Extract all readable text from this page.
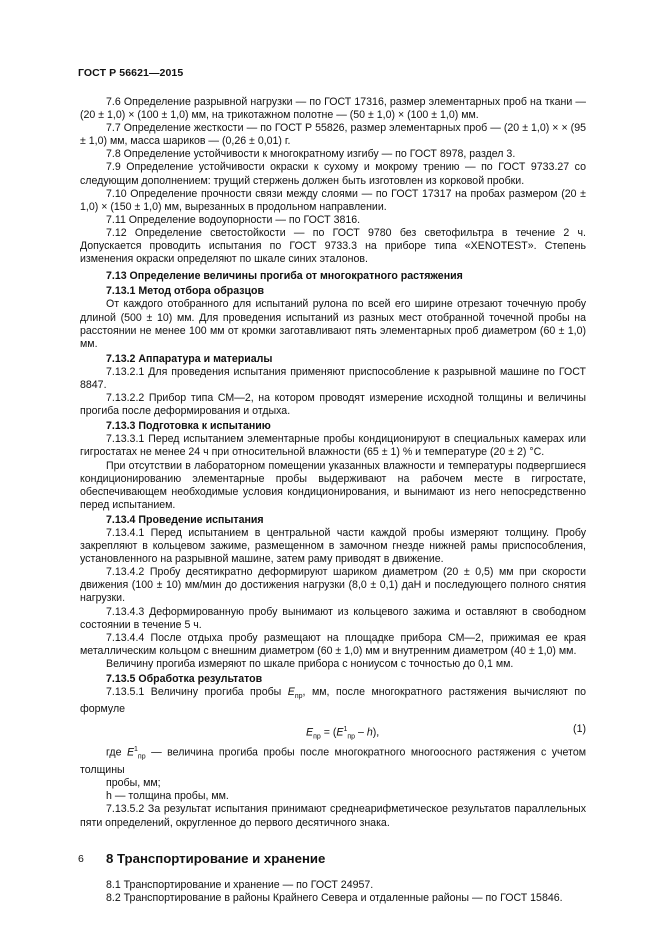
ГОСТ Р 56621—2015

7.6 Определение разрывной нагрузки — по ГОСТ 17316, размер элементарных проб на ткани — (20 ± 1,0) × (100 ± 1,0) мм, на трикотажном полотне — (50 ± 1,0) × (100 ± 1,0) мм.

7.7 Определение жесткости — по ГОСТ Р 55826, размер элементарных проб — (20 ± 1,0) × × (95 ± 1,0) мм, масса шариков — (0,26 ± 0,01) г.

7.8 Определение устойчивости к многократному изгибу — по ГОСТ 8978, раздел 3.

7.9 Определение устойчивости окраски к сухому и мокрому трению — по ГОСТ 9733.27 со следующим дополнением: трущий стержень должен быть изготовлен из корковой пробки.

7.10 Определение прочности связи между слоями — по ГОСТ 17317 на пробах размером (20 ± 1,0) × (150 ± 1,0) мм, вырезанных в продольном направлении.

7.11 Определение водоупорности — по ГОСТ 3816.

7.12 Определение светостойкости — по ГОСТ 9780 без светофильтра в течение 2 ч. Допускается проводить испытания по ГОСТ 9733.3 на приборе типа «XENOTEST». Степень изменения окраски определяют по шкале синих эталонов.

7.13 Определение величины прогиба от многократного растяжения

7.13.1 Метод отбора образцов

От каждого отобранного для испытаний рулона по всей его ширине отрезают точечную пробу длиной (500 ± 10) мм. Для проведения испытаний из разных мест отобранной точечной пробы на расстоянии не менее 100 мм от кромки заготавливают пять элементарных проб диаметром (60 ± 1,0) мм.

7.13.2 Аппаратура и материалы

7.13.2.1 Для проведения испытания применяют приспособление к разрывной машине по ГОСТ 8847.

7.13.2.2 Прибор типа СМ—2, на котором проводят измерение исходной толщины и величины прогиба после деформирования и отдыха.

7.13.3 Подготовка к испытанию

7.13.3.1 Перед испытанием элементарные пробы кондиционируют в специальных камерах или гигростатах не менее 24 ч при относительной влажности (65 ± 1) % и температуре (20 ± 2) °С.

При отсутствии в лабораторном помещении указанных влажности и температуры подвергшиеся кондиционированию элементарные пробы выдерживают на рабочем месте в гигростате, обеспечивающем необходимые условия кондиционирования, и вынимают из него непосредственно перед испытанием.

7.13.4 Проведение испытания

7.13.4.1 Перед испытанием в центральной части каждой пробы измеряют толщину. Пробу закрепляют в кольцевом зажиме, размещенном в замочном гнезде нижней рамы приспособления, установленного на разрывной машине, затем раму приводят в движение.

7.13.4.2 Пробу десятикратно деформируют шариком диаметром (20 ± 0,5) мм при скорости движения (100 ± 10) мм/мин до достижения нагрузки (8,0 ± 0,1) даН и последующего полного снятия нагрузки.

7.13.4.3 Деформированную пробу вынимают из кольцевого зажима и оставляют в свободном состоянии в течение 5 ч.

7.13.4.4 После отдыха пробу размещают на площадке прибора СМ—2, прижимая ее края металлическим кольцом с внешним диаметром (60 ± 1,0) мм и внутренним диаметром (40 ± 1,0) мм.

Величину прогиба измеряют по шкале прибора с нониусом с точностью до 0,1 мм.

7.13.5 Обработка результатов

7.13.5.1 Величину прогиба пробы $E_{пр}$, мм, после многократного растяжения вычисляют по формуле

$E_{пр} = (E^1_{пр} - h)$,	(1)

где $E^1_{пр}$ — величина прогиба пробы после многократного многоосного растяжения с учетом толщины

пробы, мм;

h — толщина пробы, мм.

7.13.5.2 За результат испытания принимают среднеарифметическое результатов параллельных пяти определений, округленное до первого десятичного знака.

8 Транспортирование и хранение

8.1 Транспортирование и хранение — по ГОСТ 24957.

8.2 Транспортирование в районы Крайнего Севера и отдаленные районы — по ГОСТ 15846.

6
